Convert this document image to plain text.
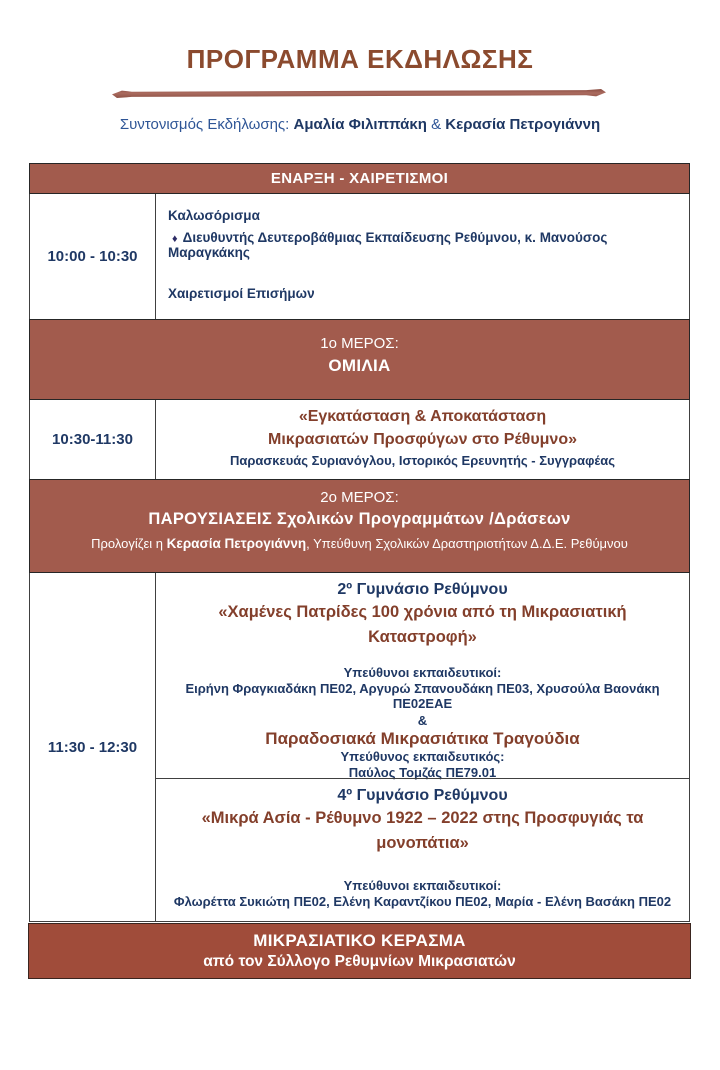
ΠΡΟΓΡΑΜΜΑ ΕΚΔΗΛΩΣΗΣ
Συντονισμός Εκδήλωσης: Αμαλία Φιλιππάκη & Κερασία Πετρογιάννη
ΕΝΑΡΞΗ - ΧΑΙΡΕΤΙΣΜΟΙ
10:00 - 10:30
Καλωσόρισμα
♦ Διευθυντής Δευτεροβάθμιας Εκπαίδευσης Ρεθύμνου, κ. Μανούσος Μαραγκάκης
Χαιρετισμοί Επισήμων
1ο ΜΕΡΟΣ:
ΟΜΙΛΙΑ
10:30-11:30
«Εγκατάσταση & Αποκατάσταση
Μικρασιατών Προσφύγων στο Ρέθυμνο»
Παρασκευάς Συριανόγλου, Ιστορικός Ερευνητής - Συγγραφέας
2ο ΜΕΡΟΣ:
ΠΑΡΟΥΣΙΑΣΕΙΣ Σχολικών Προγραμμάτων /Δράσεων
Προλογίζει η Κερασία Πετρογιάννη, Υπεύθυνη Σχολικών Δραστηριοτήτων Δ.Δ.Ε. Ρεθύμνου
11:30 - 12:30
2º Γυμνάσιο Ρεθύμνου
«Χαμένες Πατρίδες 100 χρόνια από τη Μικρασιατική
Καταστροφή»
Υπεύθυνοι εκπαιδευτικοί:
Ειρήνη Φραγκιαδάκη ΠΕ02, Αργυρώ Σπανουδάκη ΠΕ03, Χρυσούλα Βαονάκη ΠΕ02ΕΑΕ
&
Παραδοσιακά Μικρασιάτικα Τραγούδια
Υπεύθυνος εκπαιδευτικός:
Παύλος Τομζάς ΠΕ79.01
4º Γυμνάσιο Ρεθύμνου
«Μικρά Ασία - Ρέθυμνο 1922 – 2022 στης Προσφυγιάς τα
μονοπάτια»
Υπεύθυνοι εκπαιδευτικοί:
Φλωρέττα Συκιώτη ΠΕ02, Ελένη Καραντζίκου ΠΕ02, Μαρία - Ελένη Βασάκη ΠΕ02
ΜΙΚΡΑΣΙΑΤΙΚΟ ΚΕΡΑΣΜΑ
από τον Σύλλογο Ρεθυμνίων Μικρασιατών
